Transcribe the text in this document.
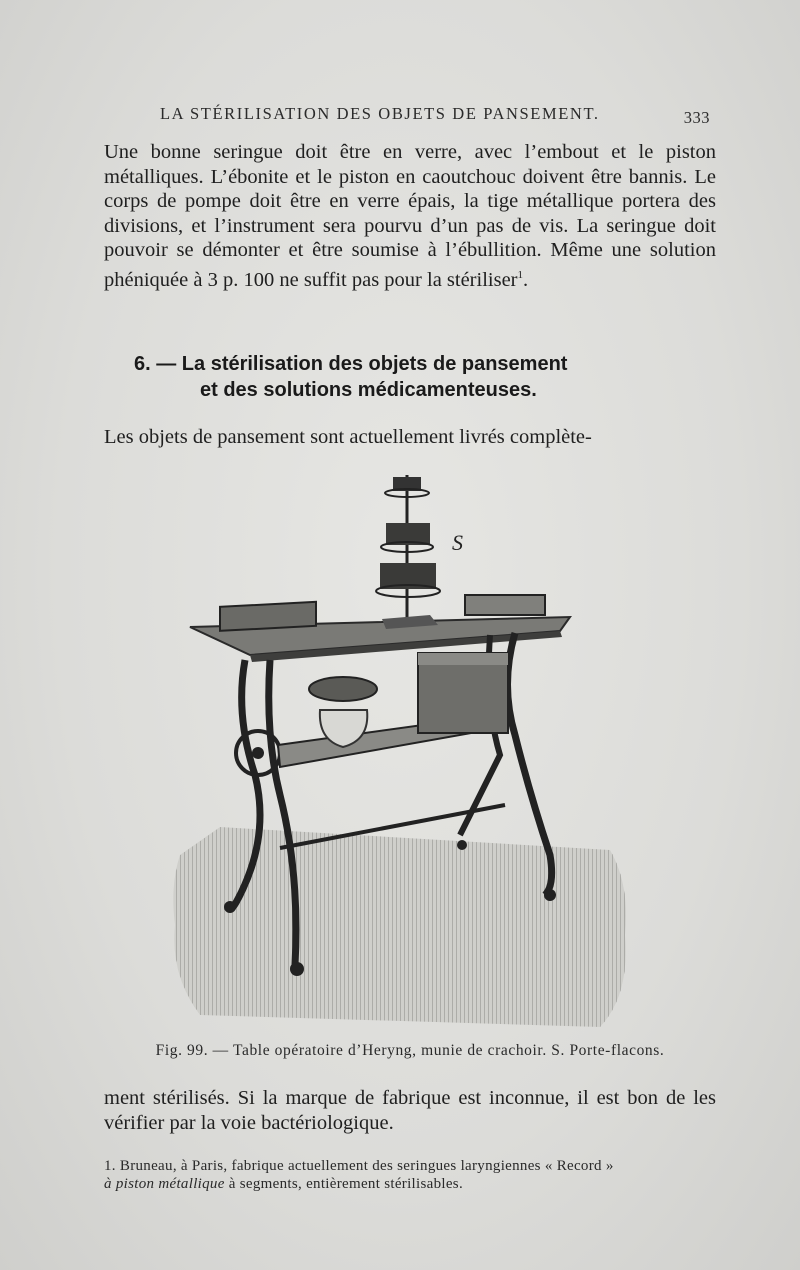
LA STÉRILISATION DES OBJETS DE PANSEMENT.	333

Une bonne seringue doit être en verre, avec l’embout et le piston métalliques. L’ébonite et le piston en caoutchouc doivent être bannis. Le corps de pompe doit être en verre épais, la tige métallique portera des divisions, et l’instrument sera pourvu d’un pas de vis. La seringue doit pouvoir se démonter et être soumise à l’ébullition. Même une solution phéniquée à 3 p. 100 ne suffit pas pour la stériliser$^1$.

6. — La stérilisation des objets de pansement
et des solutions médicamenteuses.

Les objets de pansement sont actuellement livrés complète-

S
Fig. 99. — Table opératoire d’Heryng, munie de crachoir. S. Porte-flacons.

ment stérilisés. Si la marque de fabrique est inconnue, il est bon de les vérifier par la voie bactériologique.

1. Bruneau, à Paris, fabrique actuellement des seringues laryngiennes « Record »
à piston métallique à segments, entièrement stérilisables.
